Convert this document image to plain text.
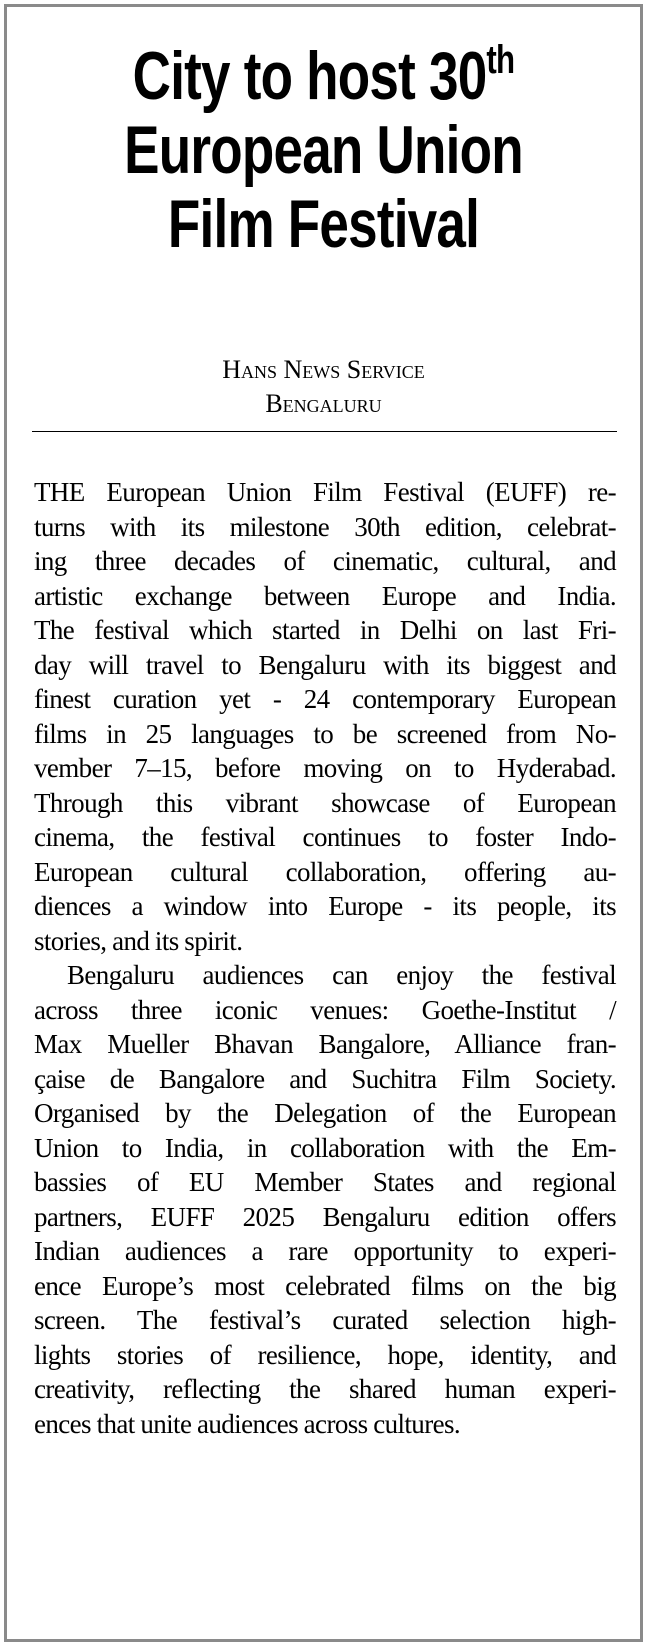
City to host 30th
European Union
Film Festival
Hans News Service
Bengaluru
THE European Union Film Festival (EUFF) re-
turns with its milestone 30th edition, celebrat-
ing three decades of cinematic, cultural, and
artistic exchange between Europe and India.
The festival which started in Delhi on last Fri-
day will travel to Bengaluru with its biggest and
finest curation yet - 24 contemporary European
films in 25 languages to be screened from No-
vember 7–15, before moving on to Hyderabad.
Through this vibrant showcase of European
cinema, the festival continues to foster Indo-
European cultural collaboration, offering au-
diences a window into Europe - its people, its
stories, and its spirit.
Bengaluru audiences can enjoy the festival
across three iconic venues: Goethe-Institut /
Max Mueller Bhavan Bangalore, Alliance fran-
çaise de Bangalore and Suchitra Film Society.
Organised by the Delegation of the European
Union to India, in collaboration with the Em-
bassies of EU Member States and regional
partners, EUFF 2025 Bengaluru edition offers
Indian audiences a rare opportunity to experi-
ence Europe’s most celebrated films on the big
screen. The festival’s curated selection high-
lights stories of resilience, hope, identity, and
creativity, reflecting the shared human experi-
ences that unite audiences across cultures.
